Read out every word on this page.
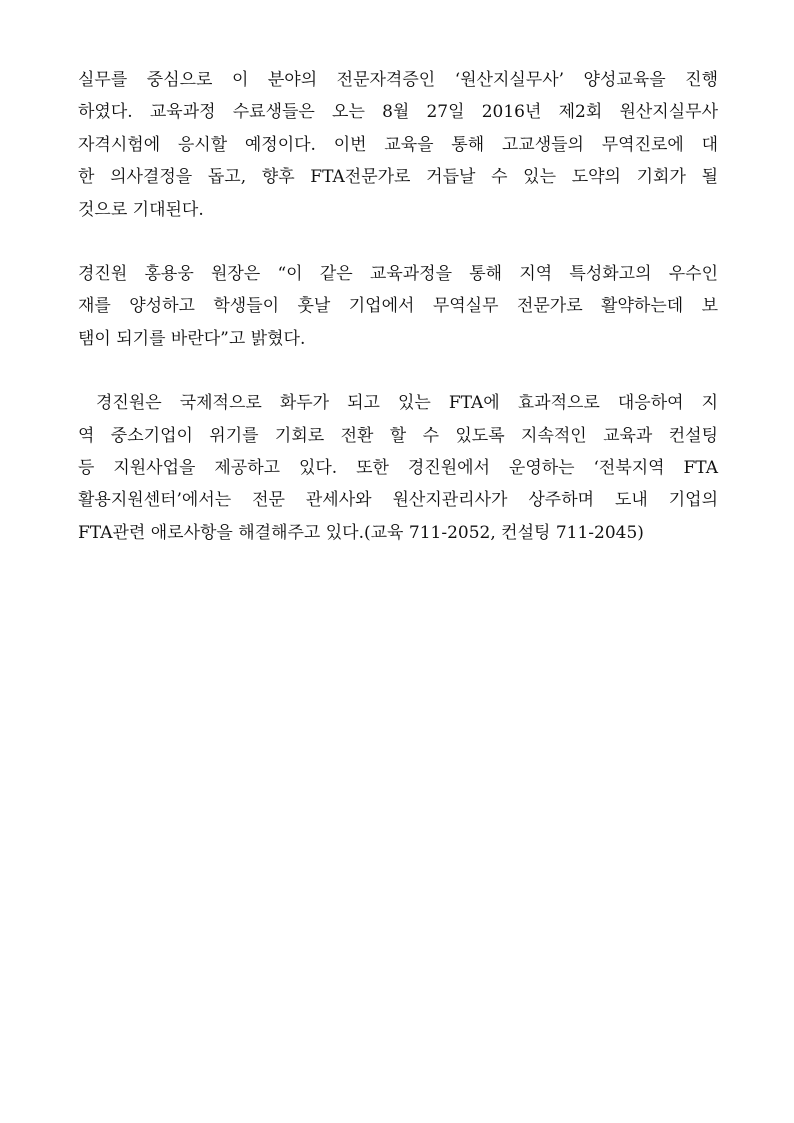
실무를 중심으로 이 분야의 전문자격증인 ‘원산지실무사’ 양성교육을 진행
하였다. 교육과정 수료생들은 오는 8월 27일 2016년 제2회 원산지실무사
자격시험에 응시할 예정이다. 이번 교육을 통해 고교생들의 무역진로에 대
한 의사결정을 돕고, 향후 FTA전문가로 거듭날 수 있는 도약의 기회가 될
것으로 기대된다.

경진원 홍용웅 원장은 “이 같은 교육과정을 통해 지역 특성화고의 우수인
재를 양성하고 학생들이 훗날 기업에서 무역실무 전문가로 활약하는데 보
탬이 되기를 바란다”고 밝혔다.

경진원은 국제적으로 화두가 되고 있는 FTA에 효과적으로 대응하여 지
역 중소기업이 위기를 기회로 전환 할 수 있도록 지속적인 교육과 컨설팅
등 지원사업을 제공하고 있다. 또한 경진원에서 운영하는 ‘전북지역 FTA
활용지원센터’에서는 전문 관세사와 원산지관리사가 상주하며 도내 기업의
FTA관련 애로사항을 해결해주고 있다.(교육 711-2052, 컨설팅 711-2045)
